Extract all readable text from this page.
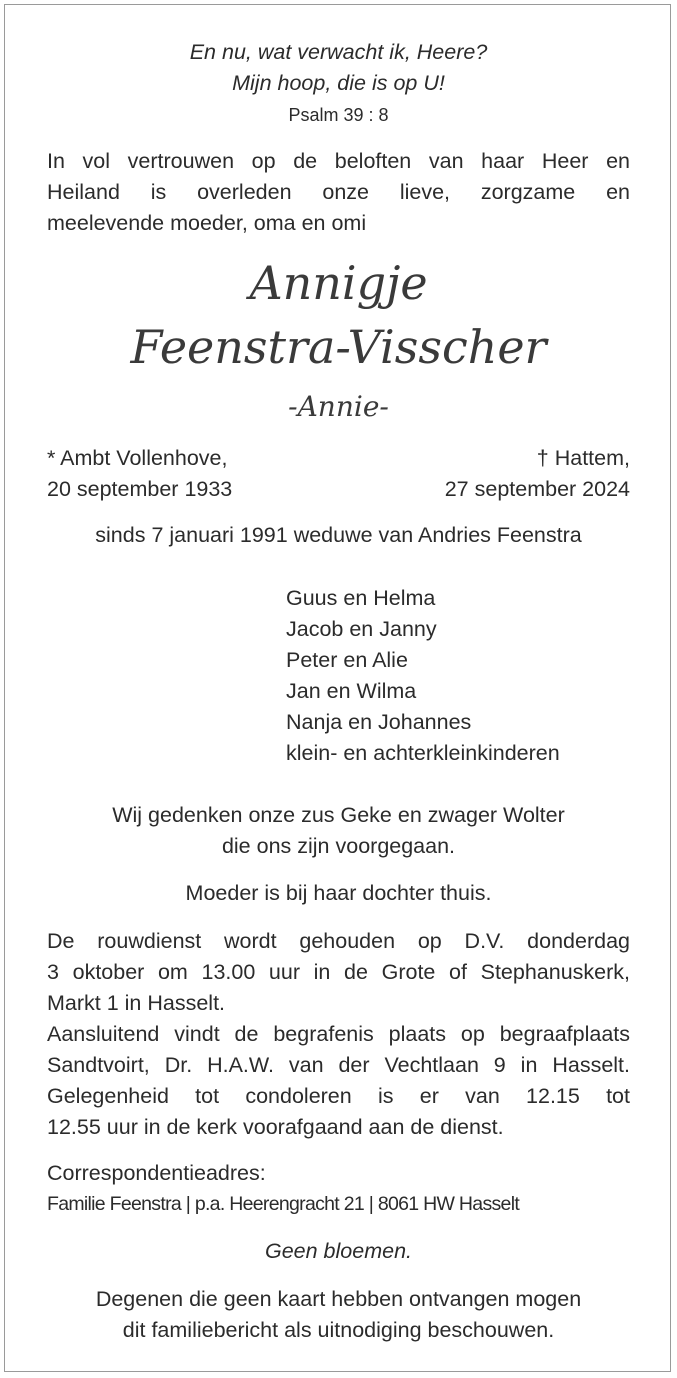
En nu, wat verwacht ik, Heere?
Mijn hoop, die is op U!
Psalm 39 : 8
In vol vertrouwen op de beloften van haar Heer en
Heiland is overleden onze lieve, zorgzame en
meelevende moeder, oma en omi
Annigje
Feenstra-Visscher
-Annie-
* Ambt Vollenhove,
20 september 1933
† Hattem,
27 september 2024
sinds 7 januari 1991 weduwe van Andries Feenstra
Guus en Helma
Jacob en Janny
Peter en Alie
Jan en Wilma
Nanja en Johannes
klein- en achterkleinkinderen
Wij gedenken onze zus Geke en zwager Wolter
die ons zijn voorgegaan.
Moeder is bij haar dochter thuis.
De rouwdienst wordt gehouden op D.V. donderdag
3 oktober om 13.00 uur in de Grote of Stephanuskerk,
Markt 1 in Hasselt.
Aansluitend vindt de begrafenis plaats op begraafplaats
Sandtvoirt, Dr. H.A.W. van der Vechtlaan 9 in Hasselt.
Gelegenheid tot condoleren is er van 12.15 tot
12.55 uur in de kerk voorafgaand aan de dienst.
Correspondentieadres:
Familie Feenstra | p.a. Heerengracht 21 | 8061 HW Hasselt
Geen bloemen.
Degenen die geen kaart hebben ontvangen mogen
dit familiebericht als uitnodiging beschouwen.
